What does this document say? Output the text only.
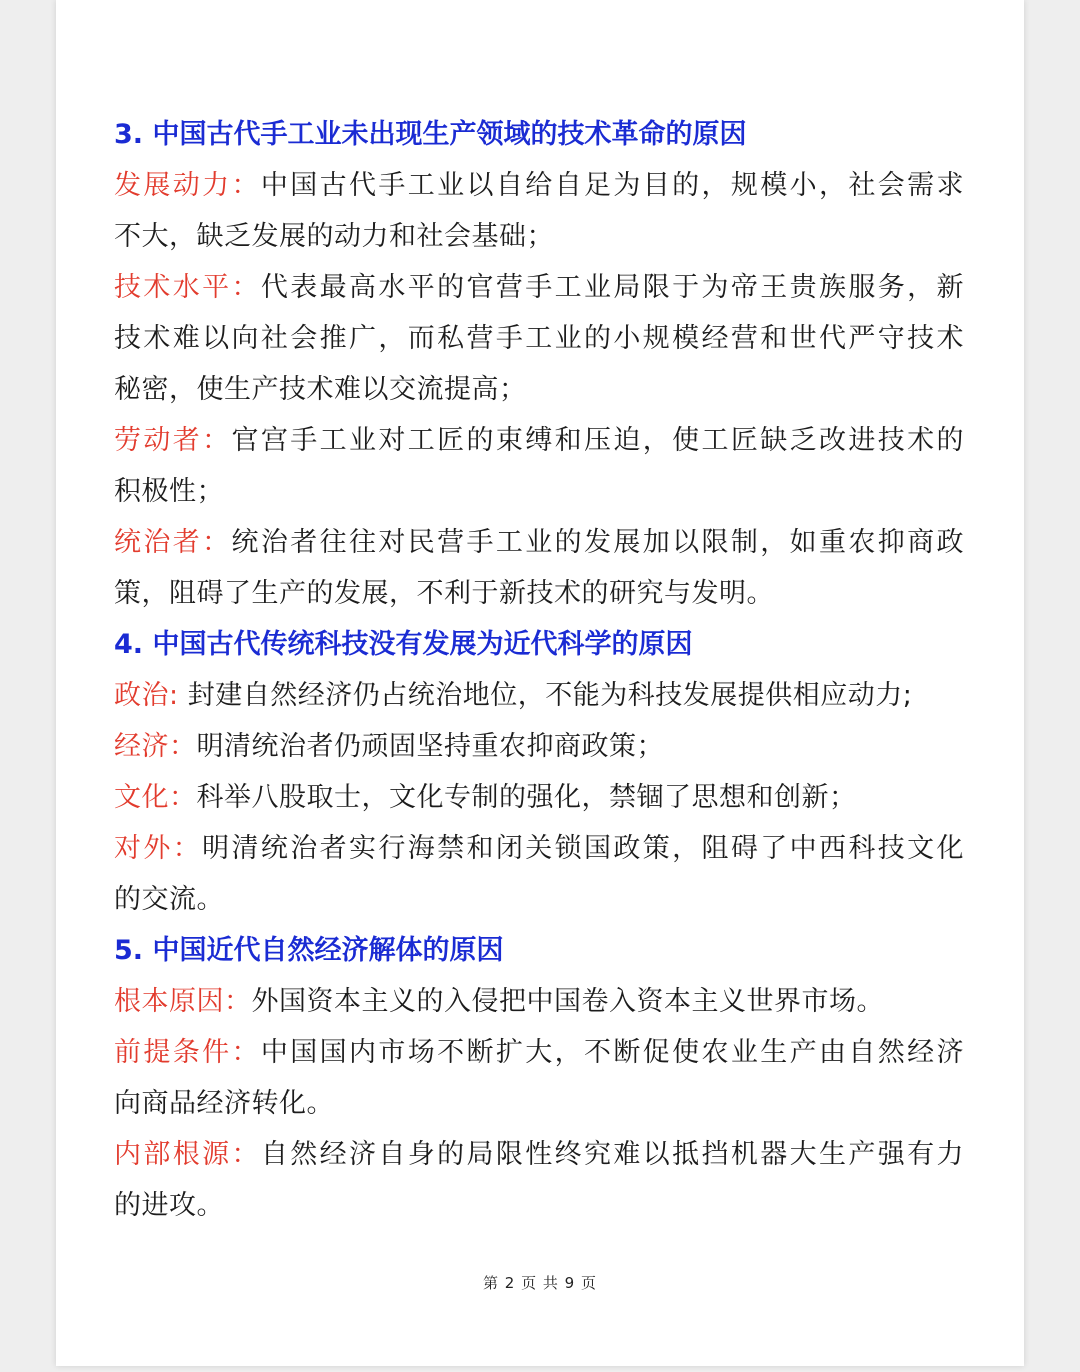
3. 中国古代手工业未出现生产领域的技术革命的原因
发展动力：中国古代手工业以自给自足为目的，规模小，社会需求
不大，缺乏发展的动力和社会基础；
技术水平：代表最高水平的官营手工业局限于为帝王贵族服务，新
技术难以向社会推广，而私营手工业的小规模经营和世代严守技术
秘密，使生产技术难以交流提高；
劳动者：官宫手工业对工匠的束缚和压迫，使工匠缺乏改进技术的
积极性；
统治者：统治者往往对民营手工业的发展加以限制，如重农抑商政
策，阻碍了生产的发展，不利于新技术的研究与发明。
4. 中国古代传统科技没有发展为近代科学的原因
政治: 封建自然经济仍占统治地位，不能为科技发展提供相应动力;
经济：明清统治者仍顽固坚持重农抑商政策；
文化：科举八股取士，文化专制的强化，禁锢了思想和创新；
对外：明清统治者实行海禁和闭关锁国政策，阻碍了中西科技文化
的交流。
5. 中国近代自然经济解体的原因
根本原因：外国资本主义的入侵把中国卷入资本主义世界市场。
前提条件：中国国内市场不断扩大，不断促使农业生产由自然经济
向商品经济转化。
内部根源：自然经济自身的局限性终究难以抵挡机器大生产强有力
的进攻。
第 2 页 共 9 页
